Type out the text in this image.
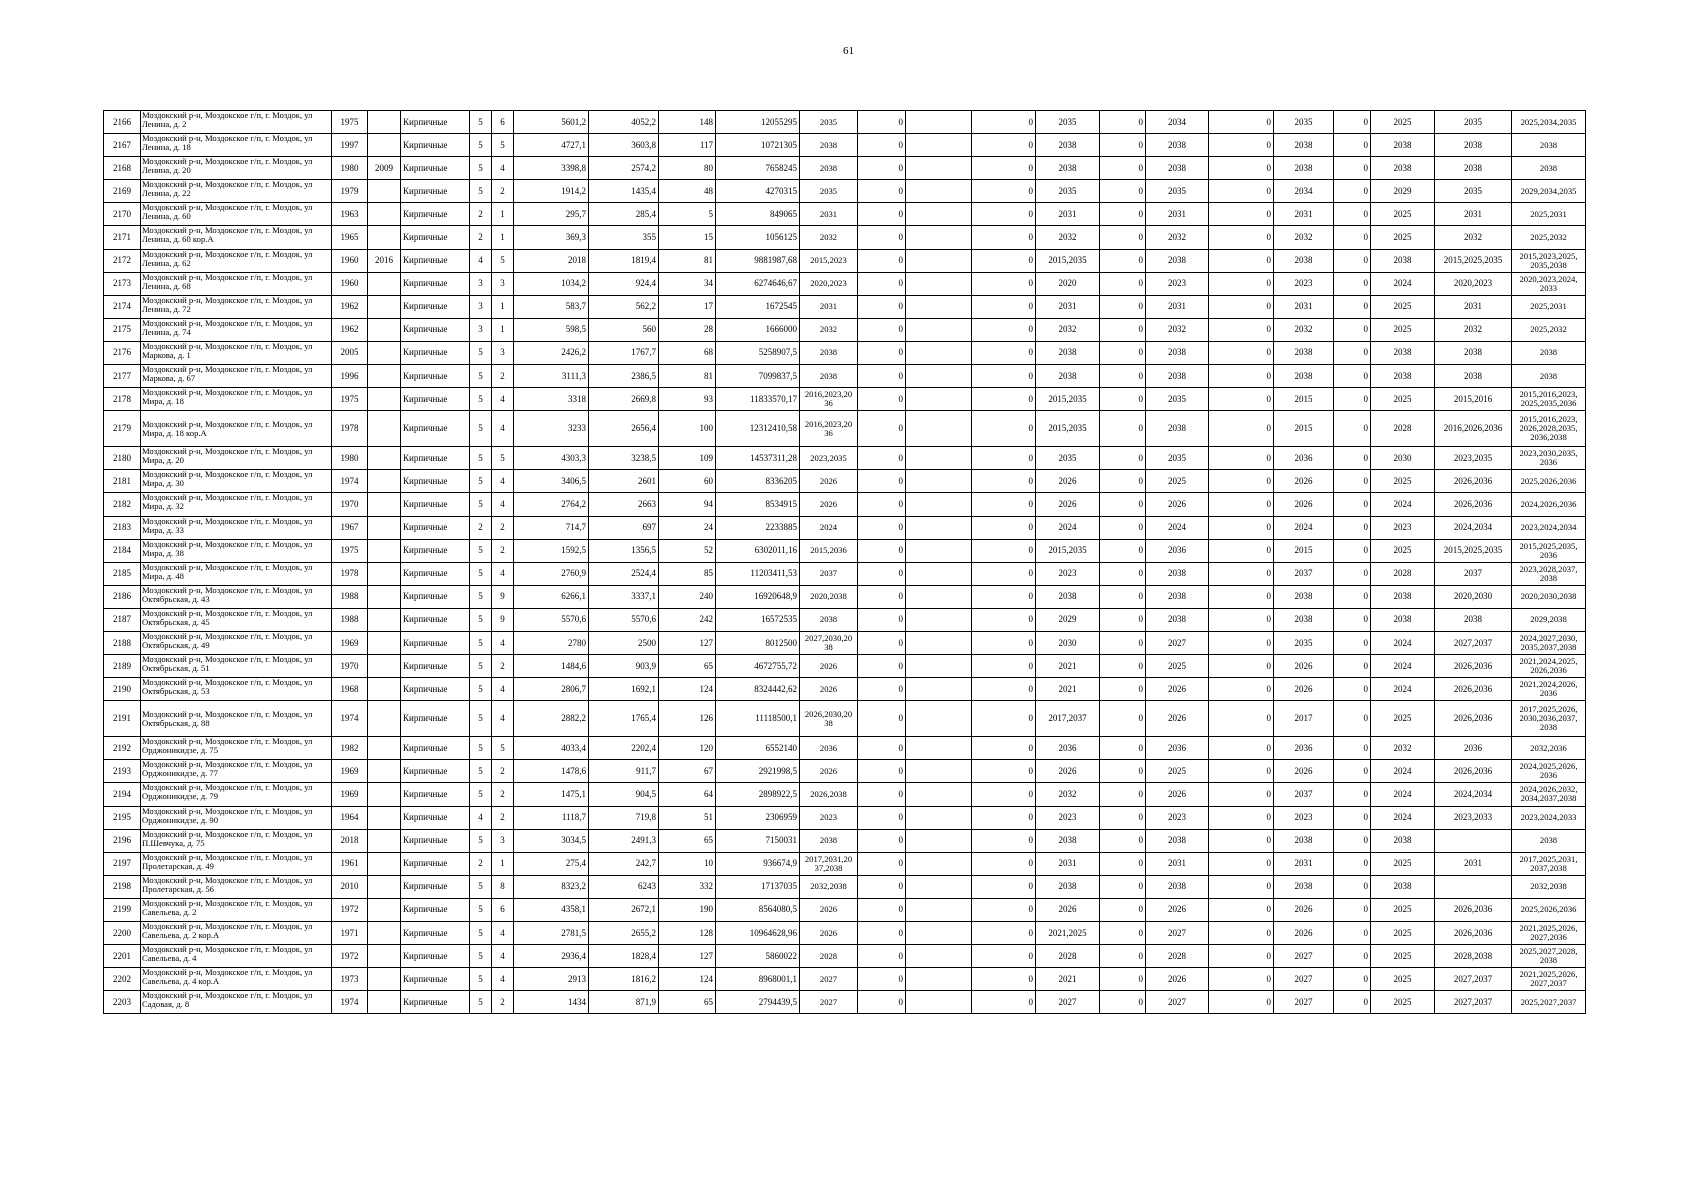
61
2166	Моздокский р-н, Моздокское г/п, г. Моздок, ул Ленина, д. 2	1975		Кирпичные	5	6	5601,2	4052,2	148	12055295	2035	0		0	2035	0	2034	0	2035	0	2025	2035	2025,2034,2035
2167	Моздокский р-н, Моздокское г/п, г. Моздок, ул Ленина, д. 18	1997		Кирпичные	5	5	4727,1	3603,8	117	10721305	2038	0		0	2038	0	2038	0	2038	0	2038	2038	2038
2168	Моздокский р-н, Моздокское г/п, г. Моздок, ул Ленина, д. 20	1980	2009	Кирпичные	5	4	3398,8	2574,2	80	7658245	2038	0		0	2038	0	2038	0	2038	0	2038	2038	2038
2169	Моздокский р-н, Моздокское г/п, г. Моздок, ул Ленина, д. 22	1979		Кирпичные	5	2	1914,2	1435,4	48	4270315	2035	0		0	2035	0	2035	0	2034	0	2029	2035	2029,2034,2035
2170	Моздокский р-н, Моздокское г/п, г. Моздок, ул Ленина, д. 60	1963		Кирпичные	2	1	295,7	285,4	5	849065	2031	0		0	2031	0	2031	0	2031	0	2025	2031	2025,2031
2171	Моздокский р-н, Моздокское г/п, г. Моздок, ул Ленина, д. 60 кор.А	1965		Кирпичные	2	1	369,3	355	15	1056125	2032	0		0	2032	0	2032	0	2032	0	2025	2032	2025,2032
2172	Моздокский р-н, Моздокское г/п, г. Моздок, ул Ленина, д. 62	1960	2016	Кирпичные	4	5	2018	1819,4	81	9881987,68	2015,2023	0		0	2015,2035	0	2038	0	2038	0	2038	2015,2025,2035	2015,2023,2025, 2035,2038
2173	Моздокский р-н, Моздокское г/п, г. Моздок, ул Ленина, д. 68	1960		Кирпичные	3	3	1034,2	924,4	34	6274646,67	2020,2023	0		0	2020	0	2023	0	2023	0	2024	2020,2023	2020,2023,2024, 2033
2174	Моздокский р-н, Моздокское г/п, г. Моздок, ул Ленина, д. 72	1962		Кирпичные	3	1	583,7	562,2	17	1672545	2031	0		0	2031	0	2031	0	2031	0	2025	2031	2025,2031
2175	Моздокский р-н, Моздокское г/п, г. Моздок, ул Ленина, д. 74	1962		Кирпичные	3	1	598,5	560	28	1666000	2032	0		0	2032	0	2032	0	2032	0	2025	2032	2025,2032
2176	Моздокский р-н, Моздокское г/п, г. Моздок, ул Маркова, д. 1	2005		Кирпичные	5	3	2426,2	1767,7	68	5258907,5	2038	0		0	2038	0	2038	0	2038	0	2038	2038	2038
2177	Моздокский р-н, Моздокское г/п, г. Моздок, ул Маркова, д. 67	1996		Кирпичные	5	2	3111,3	2386,5	81	7099837,5	2038	0		0	2038	0	2038	0	2038	0	2038	2038	2038
2178	Моздокский р-н, Моздокское г/п, г. Моздок, ул Мира, д. 18	1975		Кирпичные	5	4	3318	2669,8	93	11833570,17	2016,2023,20 36	0		0	2015,2035	0	2035	0	2015	0	2025	2015,2016	2015,2016,2023, 2025,2035,2036
2179	Моздокский р-н, Моздокское г/п, г. Моздок, ул Мира, д. 18 кор.А	1978		Кирпичные	5	4	3233	2656,4	100	12312410,58	2016,2023,20 36	0		0	2015,2035	0	2038	0	2015	0	2028	2016,2026,2036	2015,2016,2023, 2026,2028,2035, 2036,2038
2180	Моздокский р-н, Моздокское г/п, г. Моздок, ул Мира, д. 20	1980		Кирпичные	5	5	4303,3	3238,5	109	14537311,28	2023,2035	0		0	2035	0	2035	0	2036	0	2030	2023,2035	2023,2030,2035, 2036
2181	Моздокский р-н, Моздокское г/п, г. Моздок, ул Мира, д. 30	1974		Кирпичные	5	4	3406,5	2601	60	8336205	2026	0		0	2026	0	2025	0	2026	0	2025	2026,2036	2025,2026,2036
2182	Моздокский р-н, Моздокское г/п, г. Моздок, ул Мира, д. 32	1970		Кирпичные	5	4	2764,2	2663	94	8534915	2026	0		0	2026	0	2026	0	2026	0	2024	2026,2036	2024,2026,2036
2183	Моздокский р-н, Моздокское г/п, г. Моздок, ул Мира, д. 33	1967		Кирпичные	2	2	714,7	697	24	2233885	2024	0		0	2024	0	2024	0	2024	0	2023	2024,2034	2023,2024,2034
2184	Моздокский р-н, Моздокское г/п, г. Моздок, ул Мира, д. 38	1975		Кирпичные	5	2	1592,5	1356,5	52	6302011,16	2015,2036	0		0	2015,2035	0	2036	0	2015	0	2025	2015,2025,2035	2015,2025,2035, 2036
2185	Моздокский р-н, Моздокское г/п, г. Моздок, ул Мира, д. 48	1978		Кирпичные	5	4	2760,9	2524,4	85	11203411,53	2037	0		0	2023	0	2038	0	2037	0	2028	2037	2023,2028,2037, 2038
2186	Моздокский р-н, Моздокское г/п, г. Моздок, ул Октябрьская, д. 43	1988		Кирпичные	5	9	6266,1	3337,1	240	16920648,9	2020,2038	0		0	2038	0	2038	0	2038	0	2038	2020,2030	2020,2030,2038
2187	Моздокский р-н, Моздокское г/п, г. Моздок, ул Октябрьская, д. 45	1988		Кирпичные	5	9	5570,6	5570,6	242	16572535	2038	0		0	2029	0	2038	0	2038	0	2038	2038	2029,2038
2188	Моздокский р-н, Моздокское г/п, г. Моздок, ул Октябрьская, д. 49	1969		Кирпичные	5	4	2780	2500	127	8012500	2027,2030,20 38	0		0	2030	0	2027	0	2035	0	2024	2027,2037	2024,2027,2030, 2035,2037,2038
2189	Моздокский р-н, Моздокское г/п, г. Моздок, ул Октябрьская, д. 51	1970		Кирпичные	5	2	1484,6	903,9	65	4672755,72	2026	0		0	2021	0	2025	0	2026	0	2024	2026,2036	2021,2024,2025, 2026,2036
2190	Моздокский р-н, Моздокское г/п, г. Моздок, ул Октябрьская, д. 53	1968		Кирпичные	5	4	2806,7	1692,1	124	8324442,62	2026	0		0	2021	0	2026	0	2026	0	2024	2026,2036	2021,2024,2026, 2036
2191	Моздокский р-н, Моздокское г/п, г. Моздок, ул Октябрьская, д. 88	1974		Кирпичные	5	4	2882,2	1765,4	126	11118500,1	2026,2030,20 38	0		0	2017,2037	0	2026	0	2017	0	2025	2026,2036	2017,2025,2026, 2030,2036,2037, 2038
2192	Моздокский р-н, Моздокское г/п, г. Моздок, ул Орджоникидзе, д. 75	1982		Кирпичные	5	5	4033,4	2202,4	120	6552140	2036	0		0	2036	0	2036	0	2036	0	2032	2036	2032,2036
2193	Моздокский р-н, Моздокское г/п, г. Моздок, ул Орджоникидзе, д. 77	1969		Кирпичные	5	2	1478,6	911,7	67	2921998,5	2026	0		0	2026	0	2025	0	2026	0	2024	2026,2036	2024,2025,2026, 2036
2194	Моздокский р-н, Моздокское г/п, г. Моздок, ул Орджоникидзе, д. 79	1969		Кирпичные	5	2	1475,1	904,5	64	2898922,5	2026,2038	0		0	2032	0	2026	0	2037	0	2024	2024,2034	2024,2026,2032, 2034,2037,2038
2195	Моздокский р-н, Моздокское г/п, г. Моздок, ул Орджоникидзе, д. 90	1964		Кирпичные	4	2	1118,7	719,8	51	2306959	2023	0		0	2023	0	2023	0	2023	0	2024	2023,2033	2023,2024,2033
2196	Моздокский р-н, Моздокское г/п, г. Моздок, ул П.Шевчука, д. 75	2018		Кирпичные	5	3	3034,5	2491,3	65	7150031	2038	0		0	2038	0	2038	0	2038	0	2038		2038
2197	Моздокский р-н, Моздокское г/п, г. Моздок, ул Пролетарская, д. 49	1961		Кирпичные	2	1	275,4	242,7	10	936674,9	2017,2031,20 37,2038	0		0	2031	0	2031	0	2031	0	2025	2031	2017,2025,2031, 2037,2038
2198	Моздокский р-н, Моздокское г/п, г. Моздок, ул Пролетарская, д. 56	2010		Кирпичные	5	8	8323,2	6243	332	17137035	2032,2038	0		0	2038	0	2038	0	2038	0	2038		2032,2038
2199	Моздокский р-н, Моздокское г/п, г. Моздок, ул Савельева, д. 2	1972		Кирпичные	5	6	4358,1	2672,1	190	8564080,5	2026	0		0	2026	0	2026	0	2026	0	2025	2026,2036	2025,2026,2036
2200	Моздокский р-н, Моздокское г/п, г. Моздок, ул Савельева, д. 2 кор.А	1971		Кирпичные	5	4	2781,5	2655,2	128	10964628,96	2026	0		0	2021,2025	0	2027	0	2026	0	2025	2026,2036	2021,2025,2026, 2027,2036
2201	Моздокский р-н, Моздокское г/п, г. Моздок, ул Савельева, д. 4	1972		Кирпичные	5	4	2936,4	1828,4	127	5860022	2028	0		0	2028	0	2028	0	2027	0	2025	2028,2038	2025,2027,2028, 2038
2202	Моздокский р-н, Моздокское г/п, г. Моздок, ул Савельева, д. 4 кор.А	1973		Кирпичные	5	4	2913	1816,2	124	8968001,1	2027	0		0	2021	0	2026	0	2027	0	2025	2027,2037	2021,2025,2026, 2027,2037
2203	Моздокский р-н, Моздокское г/п, г. Моздок, ул Садовая, д. 8	1974		Кирпичные	5	2	1434	871,9	65	2794439,5	2027	0		0	2027	0	2027	0	2027	0	2025	2027,2037	2025,2027,2037
